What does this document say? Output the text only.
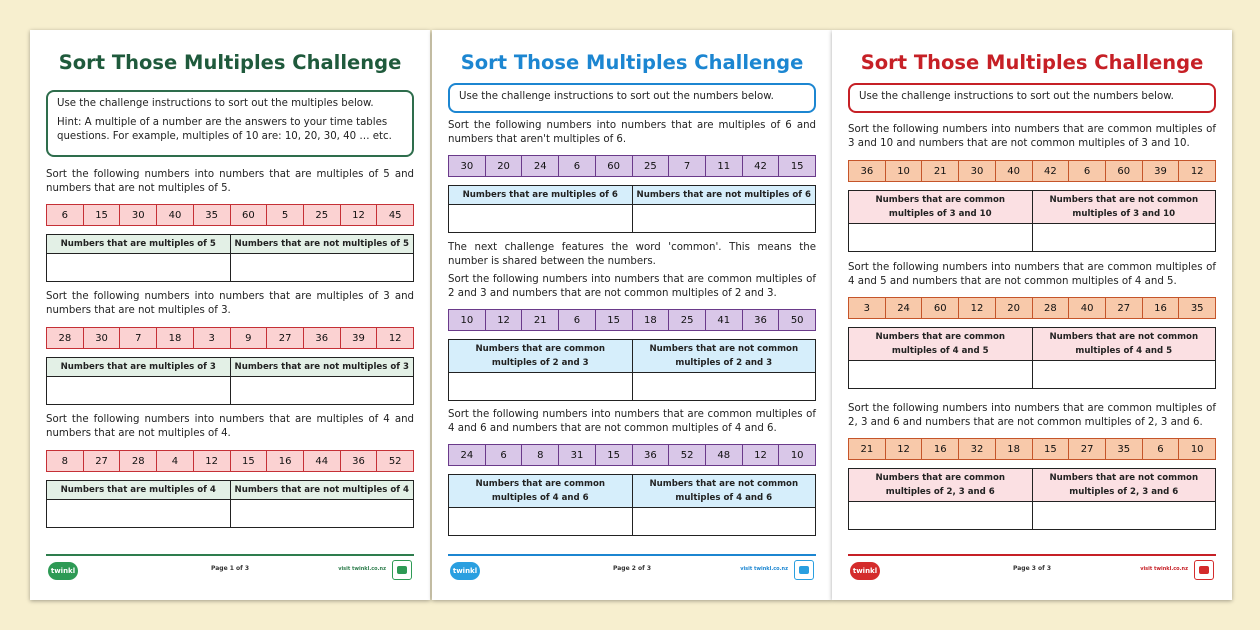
Sort Those Multiples Challenge

Use the challenge instructions to sort out the multiples below.

Hint: A multiple of a number are the answers to your time tables questions. For example, multiples of 10 are: 10, 20, 30, 40 … etc.

Sort the following numbers into numbers that are multiples of 5 and numbers that are not multiples of 5.
6	15	30	40	35	60	5	25	12	45
Numbers that are multiples of 5	Numbers that are not multiples of 5

Sort the following numbers into numbers that are multiples of 3 and numbers that are not multiples of 3.
28	30	7	18	3	9	27	36	39	12
Numbers that are multiples of 3	Numbers that are not multiples of 3

Sort the following numbers into numbers that are multiples of 4 and numbers that are not multiples of 4.
8	27	28	4	12	15	16	44	36	52
Numbers that are multiples of 4	Numbers that are not multiples of 4

twinkl	Page 1 of 3	visit twinkl.co.nz
Sort Those Multiples Challenge

Use the challenge instructions to sort out the numbers below.

Sort the following numbers into numbers that are multiples of 6 and numbers that aren't multiples of 6.
30	20	24	6	60	25	7	11	42	15
Numbers that are multiples of 6	Numbers that are not multiples of 6

The next challenge features the word 'common'. This means the number is shared between the numbers.
Sort the following numbers into numbers that are common multiples of 2 and 3 and numbers that are not common multiples of 2 and 3.
10	12	21	6	15	18	25	41	36	50
Numbers that are common multiples of 2 and 3	Numbers that are not common multiples of 2 and 3

Sort the following numbers into numbers that are common multiples of 4 and 6 and numbers that are not common multiples of 4 and 6.
24	6	8	31	15	36	52	48	12	10
Numbers that are common multiples of 4 and 6	Numbers that are not common multiples of 4 and 6

twinkl	Page 2 of 3	visit twinkl.co.nz
Sort Those Multiples Challenge

Use the challenge instructions to sort out the numbers below.

Sort the following numbers into numbers that are common multiples of 3 and 10 and numbers that are not common multiples of 3 and 10.
36	10	21	30	40	42	6	60	39	12
Numbers that are common multiples of 3 and 10	Numbers that are not common multiples of 3 and 10

Sort the following numbers into numbers that are common multiples of 4 and 5 and numbers that are not common multiples of 4 and 5.
3	24	60	12	20	28	40	27	16	35
Numbers that are common multiples of 4 and 5	Numbers that are not common multiples of 4 and 5

Sort the following numbers into numbers that are common multiples of 2, 3 and 6 and numbers that are not common multiples of 2, 3 and 6.
21	12	16	32	18	15	27	35	6	10
Numbers that are common multiples of 2, 3 and 6	Numbers that are not common multiples of 2, 3 and 6

twinkl	Page 3 of 3	visit twinkl.co.nz
